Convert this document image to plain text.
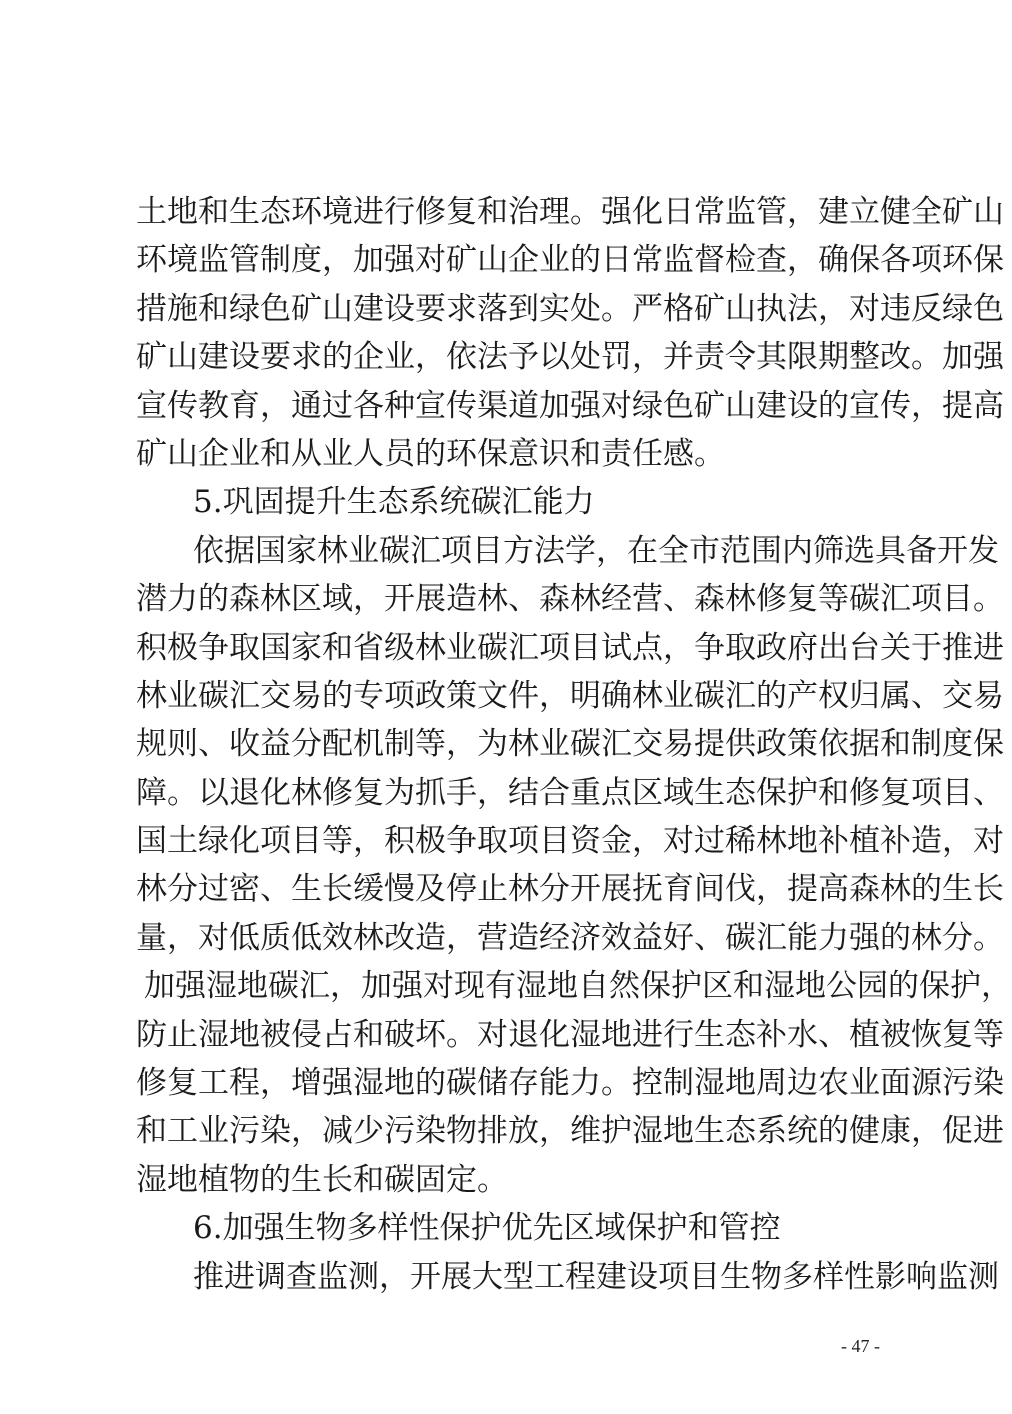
土地和生态环境进行修复和治理。强化日常监管，建立健全矿山
环境监管制度，加强对矿山企业的日常监督检查，确保各项环保
措施和绿色矿山建设要求落到实处。严格矿山执法，对违反绿色
矿山建设要求的企业，依法予以处罚，并责令其限期整改。加强
宣传教育，通过各种宣传渠道加强对绿色矿山建设的宣传，提高
矿山企业和从业人员的环保意识和责任感。
5.巩固提升生态系统碳汇能力
依据国家林业碳汇项目方法学，在全市范围内筛选具备开发
潜力的森林区域，开展造林、森林经营、森林修复等碳汇项目。
积极争取国家和省级林业碳汇项目试点，争取政府出台关于推进
林业碳汇交易的专项政策文件，明确林业碳汇的产权归属、交易
规则、收益分配机制等，为林业碳汇交易提供政策依据和制度保
障。以退化林修复为抓手，结合重点区域生态保护和修复项目、
国土绿化项目等，积极争取项目资金，对过稀林地补植补造，对
林分过密、生长缓慢及停止林分开展抚育间伐，提高森林的生长
量，对低质低效林改造，营造经济效益好、碳汇能力强的林分。
加强湿地碳汇，加强对现有湿地自然保护区和湿地公园的保护，
防止湿地被侵占和破坏。对退化湿地进行生态补水、植被恢复等
修复工程，增强湿地的碳储存能力。控制湿地周边农业面源污染
和工业污染，减少污染物排放，维护湿地生态系统的健康，促进
湿地植物的生长和碳固定。
6.加强生物多样性保护优先区域保护和管控
推进调查监测，开展大型工程建设项目生物多样性影响监测
- 47 -
